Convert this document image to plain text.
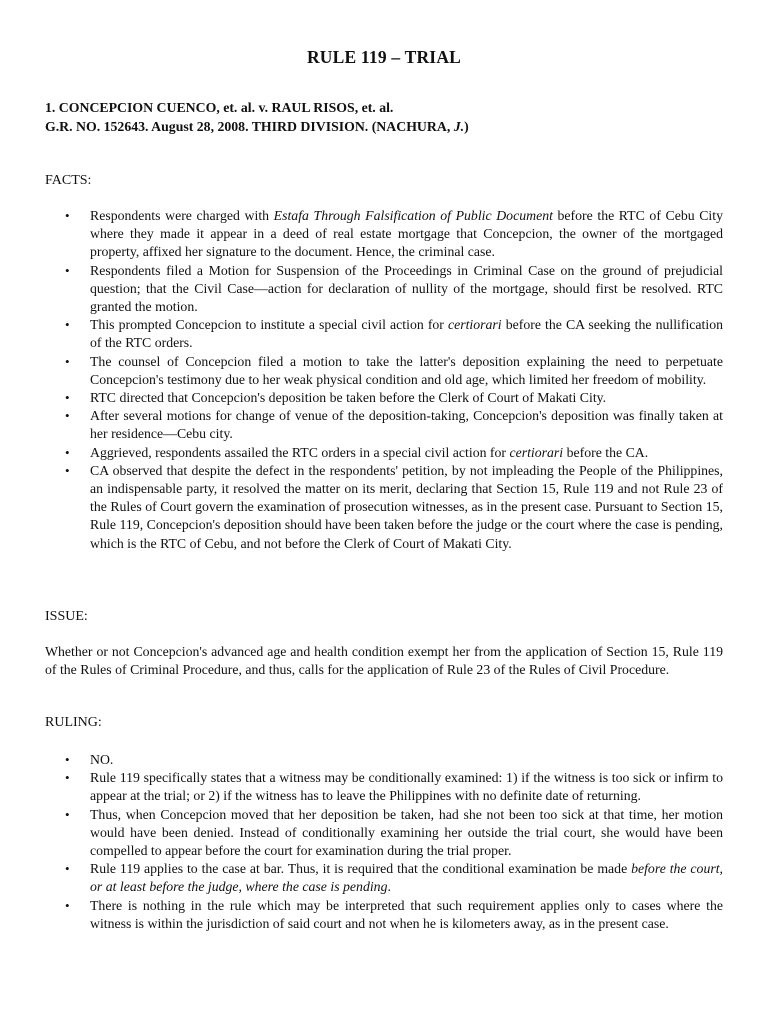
RULE 119 – TRIAL
1. CONCEPCION CUENCO, et. al. v. RAUL RISOS, et. al.
G.R. NO. 152643. August 28, 2008. THIRD DIVISION. (NACHURA, J.)
FACTS:
• Respondents were charged with Estafa Through Falsification of Public Document before the RTC of Cebu City where they made it appear in a deed of real estate mortgage that Concepcion, the owner of the mortgaged property, affixed her signature to the document. Hence, the criminal case.
• Respondents filed a Motion for Suspension of the Proceedings in Criminal Case on the ground of prejudicial question; that the Civil Case—action for declaration of nullity of the mortgage, should first be resolved. RTC granted the motion.
• This prompted Concepcion to institute a special civil action for certiorari before the CA seeking the nullification of the RTC orders.
• The counsel of Concepcion filed a motion to take the latter's deposition explaining the need to perpetuate Concepcion's testimony due to her weak physical condition and old age, which limited her freedom of mobility.
• RTC directed that Concepcion's deposition be taken before the Clerk of Court of Makati City.
• After several motions for change of venue of the deposition-taking, Concepcion's deposition was finally taken at her residence—Cebu city.
• Aggrieved, respondents assailed the RTC orders in a special civil action for certiorari before the CA.
• CA observed that despite the defect in the respondents' petition, by not impleading the People of the Philippines, an indispensable party, it resolved the matter on its merit, declaring that Section 15, Rule 119 and not Rule 23 of the Rules of Court govern the examination of prosecution witnesses, as in the present case. Pursuant to Section 15, Rule 119, Concepcion's deposition should have been taken before the judge or the court where the case is pending, which is the RTC of Cebu, and not before the Clerk of Court of Makati City.
ISSUE:
Whether or not Concepcion's advanced age and health condition exempt her from the application of Section 15, Rule 119 of the Rules of Criminal Procedure, and thus, calls for the application of Rule 23 of the Rules of Civil Procedure.
RULING:
• NO.
• Rule 119 specifically states that a witness may be conditionally examined: 1) if the witness is too sick or infirm to appear at the trial; or 2) if the witness has to leave the Philippines with no definite date of returning.
• Thus, when Concepcion moved that her deposition be taken, had she not been too sick at that time, her motion would have been denied. Instead of conditionally examining her outside the trial court, she would have been compelled to appear before the court for examination during the trial proper.
• Rule 119 applies to the case at bar. Thus, it is required that the conditional examination be made before the court, or at least before the judge, where the case is pending.
• There is nothing in the rule which may be interpreted that such requirement applies only to cases where the witness is within the jurisdiction of said court and not when he is kilometers away, as in the present case.
